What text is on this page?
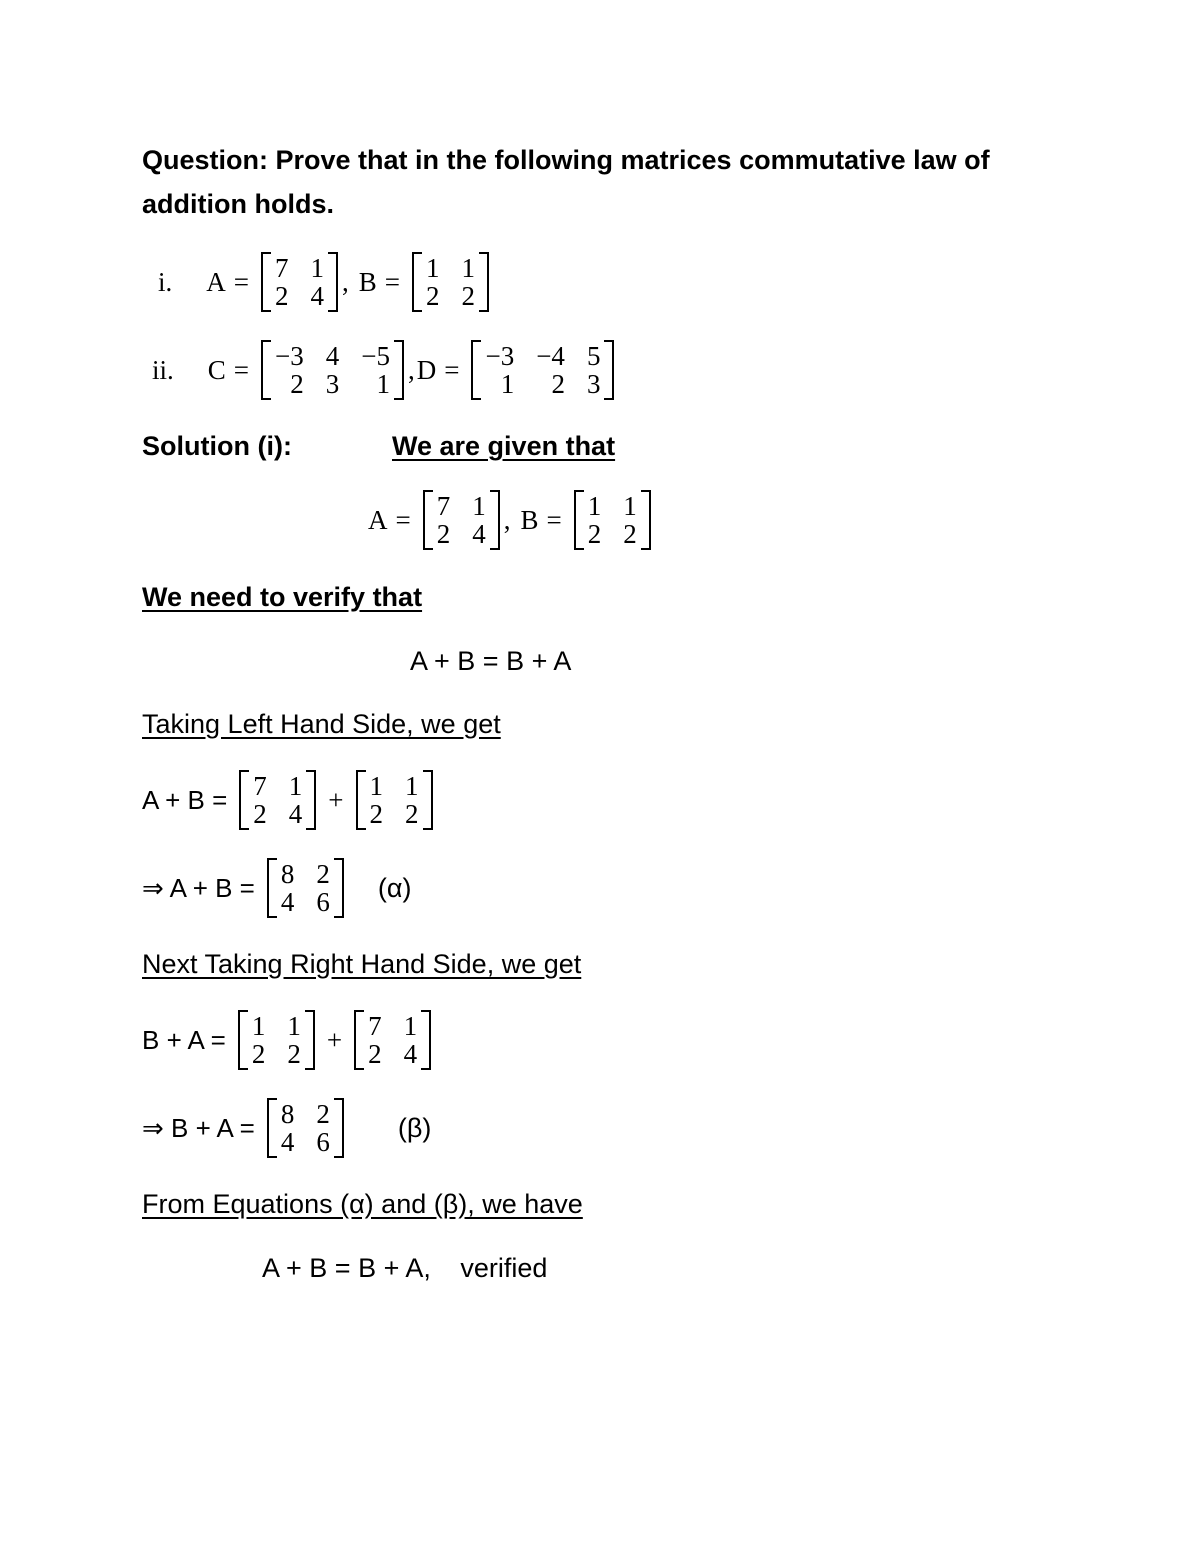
Question: Prove that in the following matrices commutative law of
addition holds.
i. A = 7 1
2 4 , B = 1 1
2 2
ii. C = −3 4 −5
2 3	1 , D = −3 −4 5
1	2 3
Solution (i):	We are given that
A = 7 1
2 4 , B = 1 1
2 2
We need to verify that
A + B = B + A
Taking Left Hand Side, we get
A + B = 7 1
2 4 + 1 1
2 2
⇒ A + B = 8 2
4 6 (α)
Next Taking Right Hand Side, we get
B + A = 1 1
2 2 + 7 1
2 4
⇒ B + A = 8 2
4 6	(β)
From Equations (α) and (β), we have
A + B = B + A, verified
